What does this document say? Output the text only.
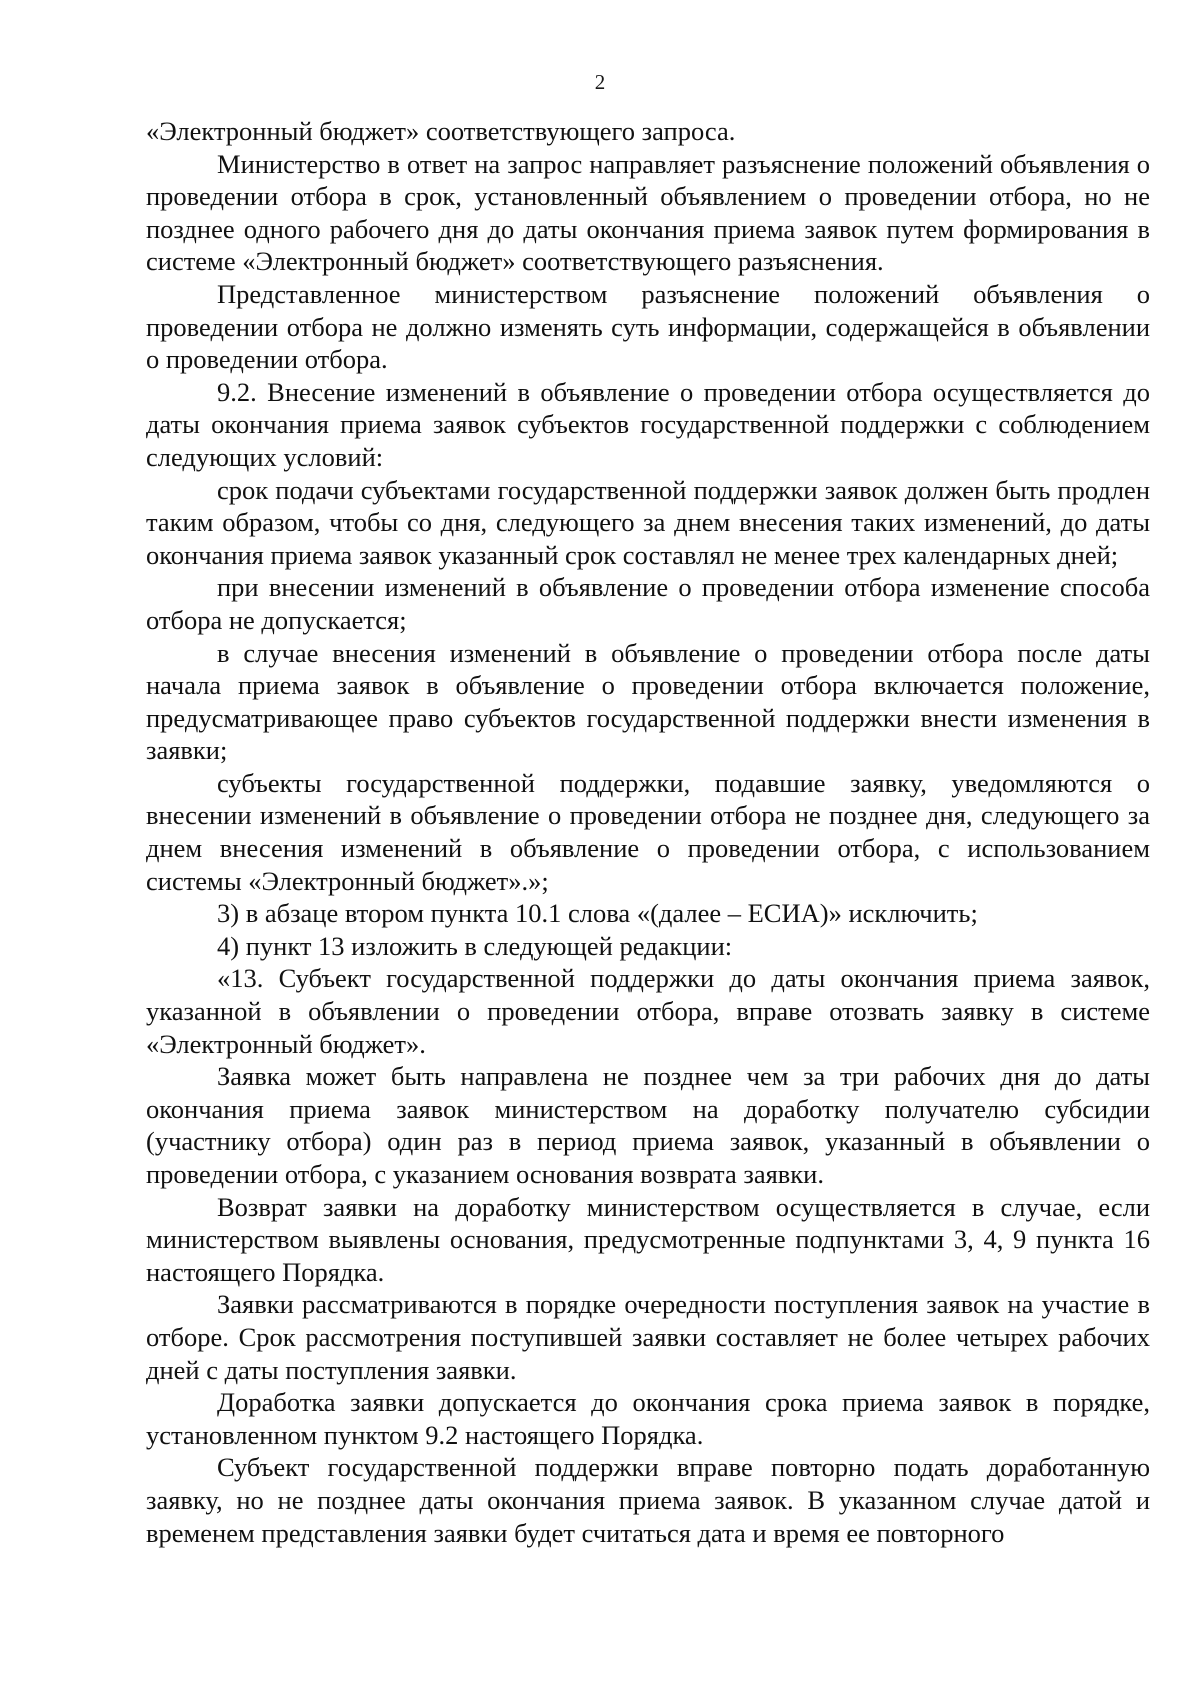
2

«Электронный бюджет» соответствующего запроса.

Министерство в ответ на запрос направляет разъяснение положений объявления о проведении отбора в срок, установленный объявлением о проведении отбора, но не позднее одного рабочего дня до даты окончания приема заявок путем формирования в системе «Электронный бюджет» соответствующего разъяснения.

Представленное министерством разъяснение положений объявления о проведении отбора не должно изменять суть информации, содержащейся в объявлении о проведении отбора.

9.2. Внесение изменений в объявление о проведении отбора осуществляется до даты окончания приема заявок субъектов государственной поддержки с соблюдением следующих условий:

срок подачи субъектами государственной поддержки заявок должен быть продлен таким образом, чтобы со дня, следующего за днем внесения таких изменений, до даты окончания приема заявок указанный срок составлял не менее трех календарных дней;

при внесении изменений в объявление о проведении отбора изменение способа отбора не допускается;

в случае внесения изменений в объявление о проведении отбора после даты начала приема заявок в объявление о проведении отбора включается положение, предусматривающее право субъектов государственной поддержки внести изменения в заявки;

субъекты государственной поддержки, подавшие заявку, уведомляются о внесении изменений в объявление о проведении отбора не позднее дня, следующего за днем внесения изменений в объявление о проведении отбора, с использованием системы «Электронный бюджет».»;

3) в абзаце втором пункта 10.1 слова «(далее – ЕСИА)» исключить;

4) пункт 13 изложить в следующей редакции:

«13. Субъект государственной поддержки до даты окончания приема заявок, указанной в объявлении о проведении отбора, вправе отозвать заявку в системе «Электронный бюджет».

Заявка может быть направлена не позднее чем за три рабочих дня до даты окончания приема заявок министерством на доработку получателю субсидии (участнику отбора) один раз в период приема заявок, указанный в объявлении о проведении отбора, с указанием основания возврата заявки.

Возврат заявки на доработку министерством осуществляется в случае, если министерством выявлены основания, предусмотренные подпунктами 3, 4, 9 пункта 16 настоящего Порядка.

Заявки рассматриваются в порядке очередности поступления заявок на участие в отборе. Срок рассмотрения поступившей заявки составляет не более четырех рабочих дней с даты поступления заявки.

Доработка заявки допускается до окончания срока приема заявок в порядке, установленном пунктом 9.2 настоящего Порядка.

Субъект государственной поддержки вправе повторно подать доработанную заявку, но не позднее даты окончания приема заявок. В указанном случае датой и временем представления заявки будет считаться дата и время ее повторного
